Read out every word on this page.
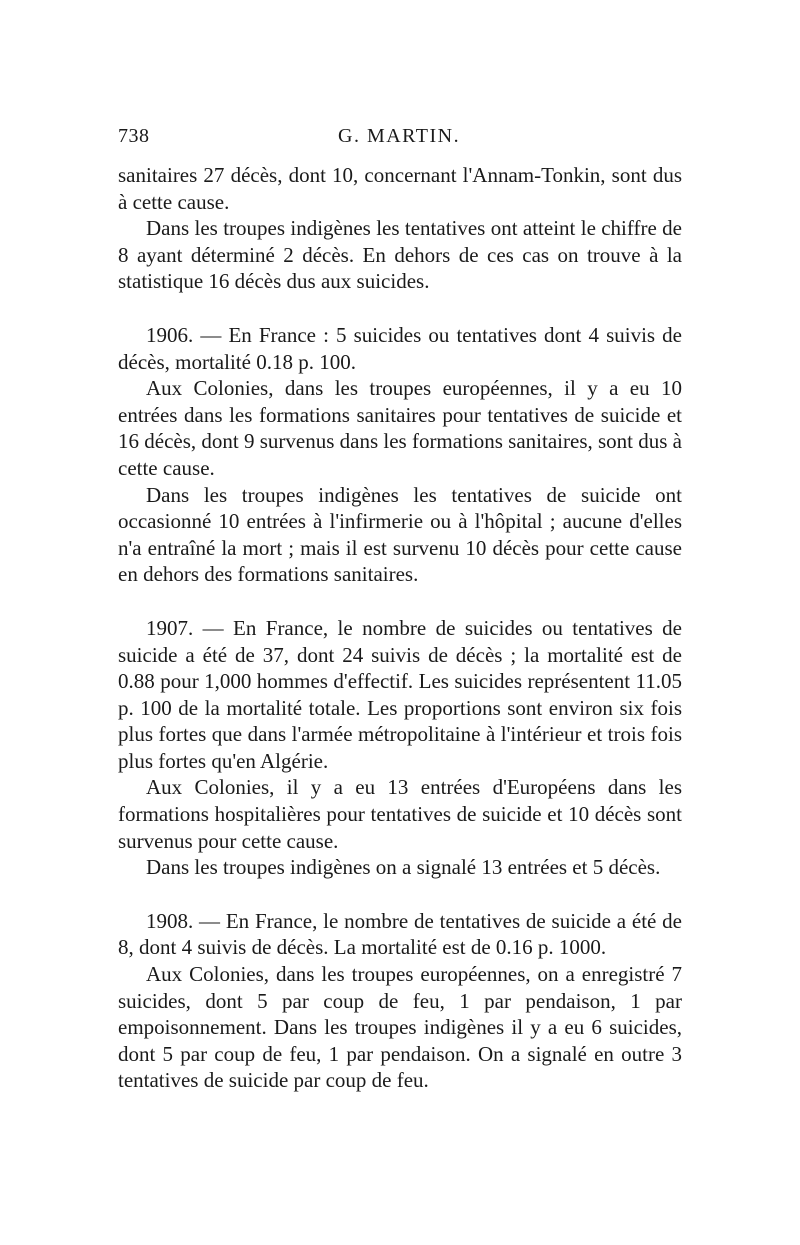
738	G. MARTIN.

sanitaires 27 décès, dont 10, concernant l'Annam-Tonkin, sont dus à cette cause.

Dans les troupes indigènes les tentatives ont atteint le chiffre de 8 ayant déterminé 2 décès. En dehors de ces cas on trouve à la statistique 16 décès dus aux suicides.

1906. — En France : 5 suicides ou tentatives dont 4 suivis de décès, mortalité 0.18 p. 100.

Aux Colonies, dans les troupes européennes, il y a eu 10 entrées dans les formations sanitaires pour tentatives de suicide et 16 décès, dont 9 survenus dans les formations sanitaires, sont dus à cette cause.

Dans les troupes indigènes les tentatives de suicide ont occasionné 10 entrées à l'infirmerie ou à l'hôpital ; aucune d'elles n'a entraîné la mort ; mais il est survenu 10 décès pour cette cause en dehors des formations sanitaires.

1907. — En France, le nombre de suicides ou tentatives de suicide a été de 37, dont 24 suivis de décès ; la mortalité est de 0.88 pour 1,000 hommes d'effectif. Les suicides représentent 11.05 p. 100 de la mortalité totale. Les proportions sont environ six fois plus fortes que dans l'armée métropolitaine à l'intérieur et trois fois plus fortes qu'en Algérie.

Aux Colonies, il y a eu 13 entrées d'Européens dans les formations hospitalières pour tentatives de suicide et 10 décès sont survenus pour cette cause.

Dans les troupes indigènes on a signalé 13 entrées et 5 décès.

1908. — En France, le nombre de tentatives de suicide a été de 8, dont 4 suivis de décès. La mortalité est de 0.16 p. 1000.

Aux Colonies, dans les troupes européennes, on a enregistré 7 suicides, dont 5 par coup de feu, 1 par pendaison, 1 par empoisonnement. Dans les troupes indigènes il y a eu 6 suicides, dont 5 par coup de feu, 1 par pendaison. On a signalé en outre 3 tentatives de suicide par coup de feu.
